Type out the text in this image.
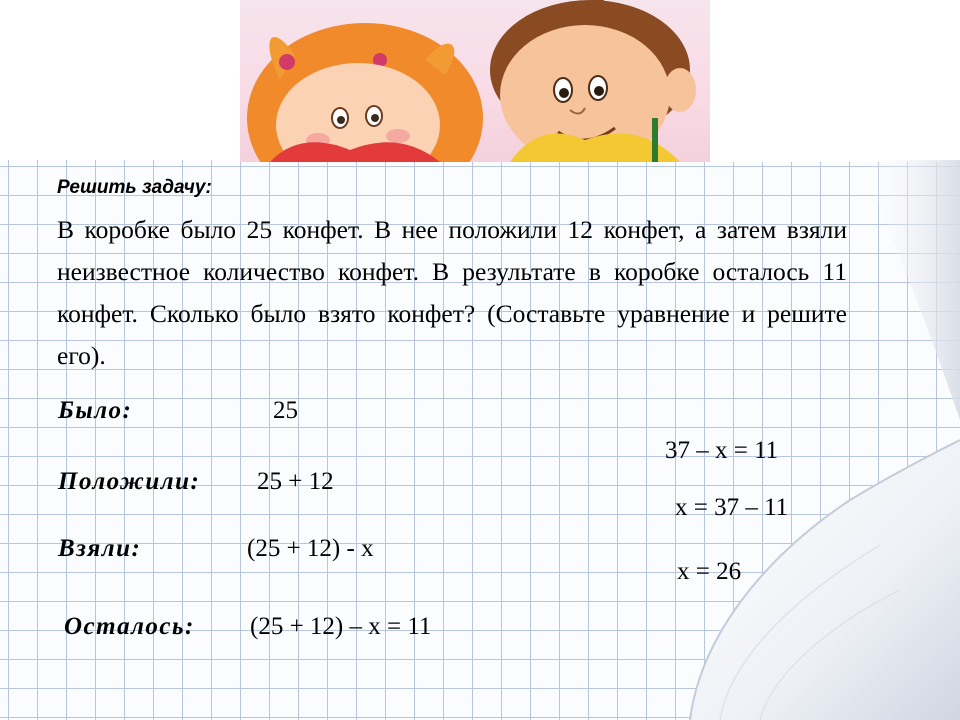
Решить задачу:
В коробке было 25 конфет. В нее положили 12 конфет, а затем взяли неизвестное количество конфет. В результате в коробке осталось 11 конфет. Сколько было взято конфет? (Составьте уравнение и решите его).
Было:	25
Положили: 25 + 12
Взяли:	(25 + 12) - х
Осталось: (25 + 12) – х = 11
37 – х = 11
х = 37 – 11
х = 26
